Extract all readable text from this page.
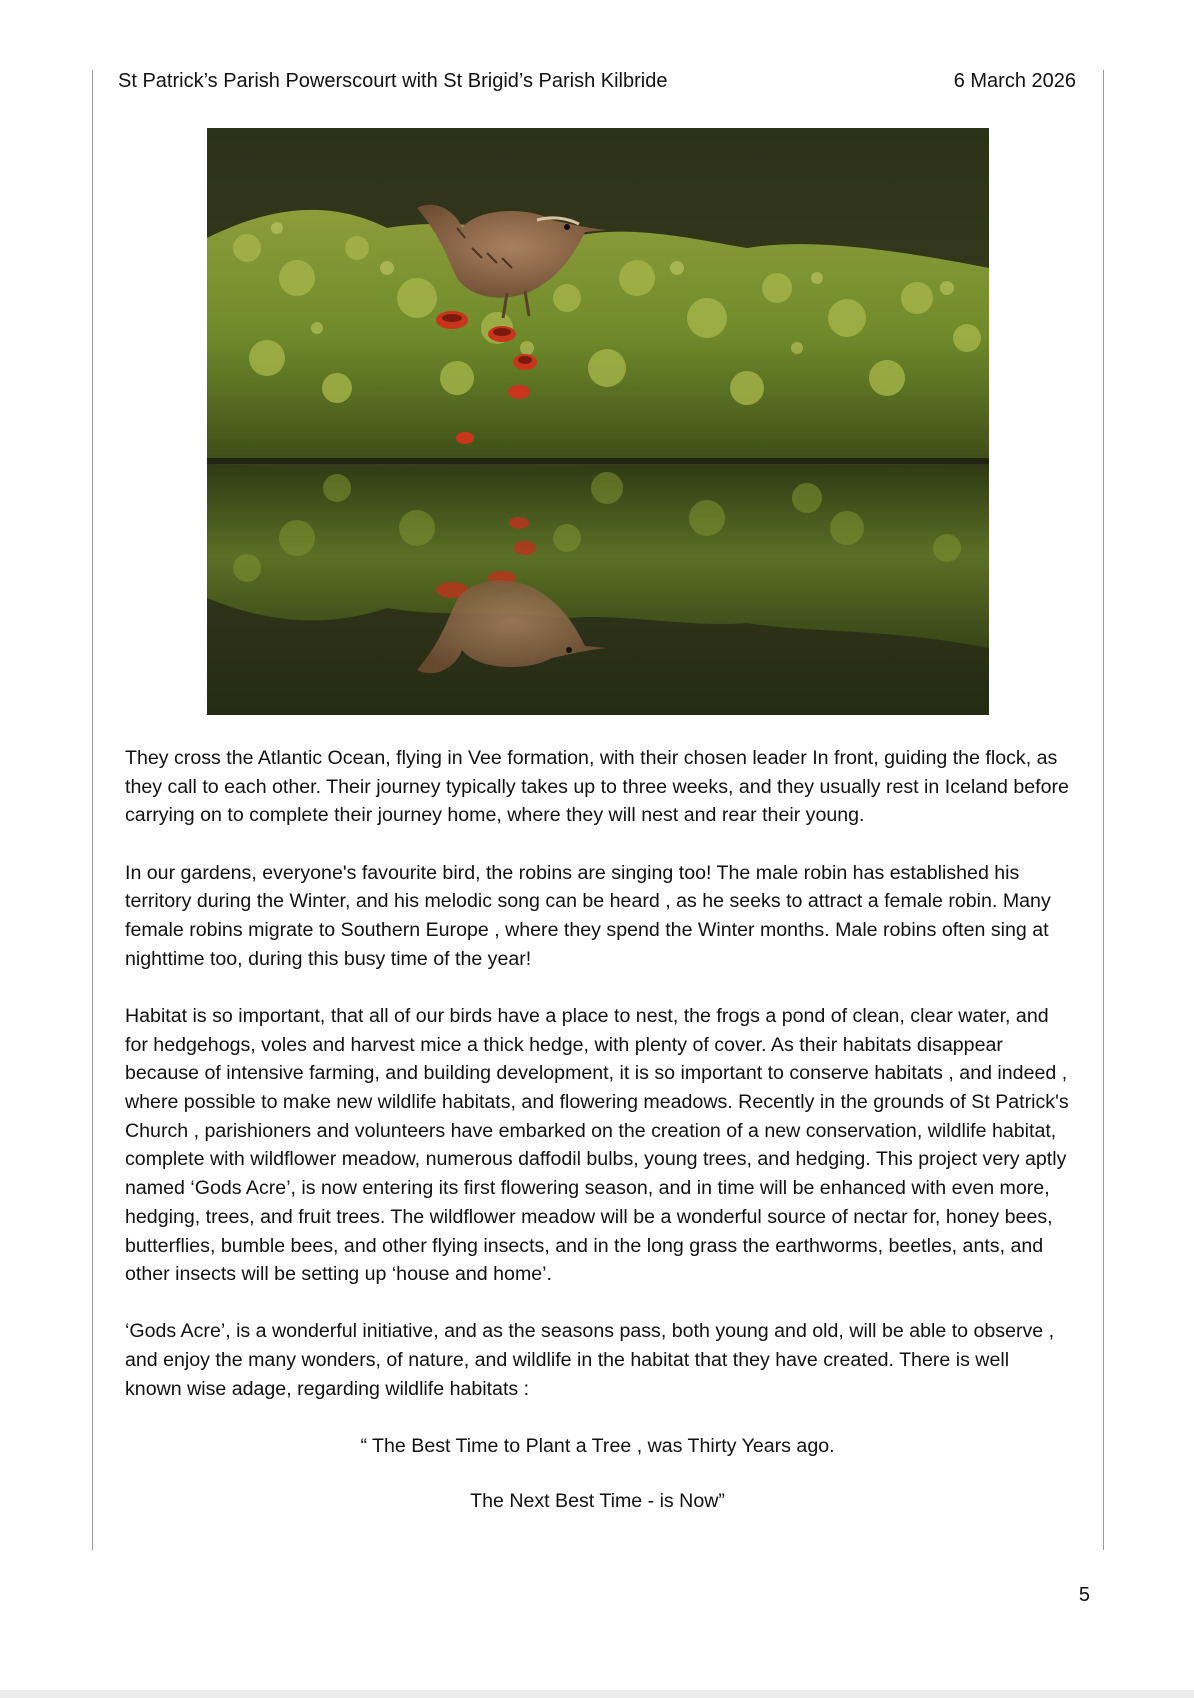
St Patrick’s Parish Powerscourt with St Brigid’s Parish Kilbride	6 March 2026

They cross the Atlantic Ocean, flying in Vee formation, with their chosen leader In front, guiding the flock, as they call to each other. Their journey typically takes up to three weeks, and they usually rest in Iceland before carrying on to complete their journey home, where they will nest and rear their young.

In our gardens, everyone's favourite bird, the robins are singing too! The male robin has established his territory during the Winter, and his melodic song can be heard , as he seeks to attract a female robin. Many female robins migrate to Southern Europe , where they spend the Winter months. Male robins often sing at nighttime too, during this busy time of the year!

Habitat is so important, that all of our birds have a place to nest, the frogs a pond of clean, clear water, and for hedgehogs, voles and harvest mice a thick hedge, with plenty of cover. As their habitats disappear because of intensive farming, and building development, it is so important to conserve habitats , and indeed , where possible to make new wildlife habitats, and flowering meadows. Recently in the grounds of St Patrick's Church , parishioners and volunteers have embarked on the creation of a new conservation, wildlife habitat, complete with wildflower meadow, numerous daffodil bulbs, young trees, and hedging. This project very aptly named ‘Gods Acre’, is now entering its first flowering season, and in time will be enhanced with even more, hedging, trees, and fruit trees. The wildflower meadow will be a wonderful source of nectar for, honey bees, butterflies, bumble bees, and other flying insects, and in the long grass the earthworms, beetles, ants, and other insects will be setting up ‘house and home’.

‘Gods Acre’, is a wonderful initiative, and as the seasons pass, both young and old, will be able to observe , and enjoy the many wonders, of nature, and wildlife in the habitat that they have created. There is well known wise adage, regarding wildlife habitats :

“ The Best Time to Plant a Tree , was Thirty Years ago.

The Next Best Time - is Now”

5
